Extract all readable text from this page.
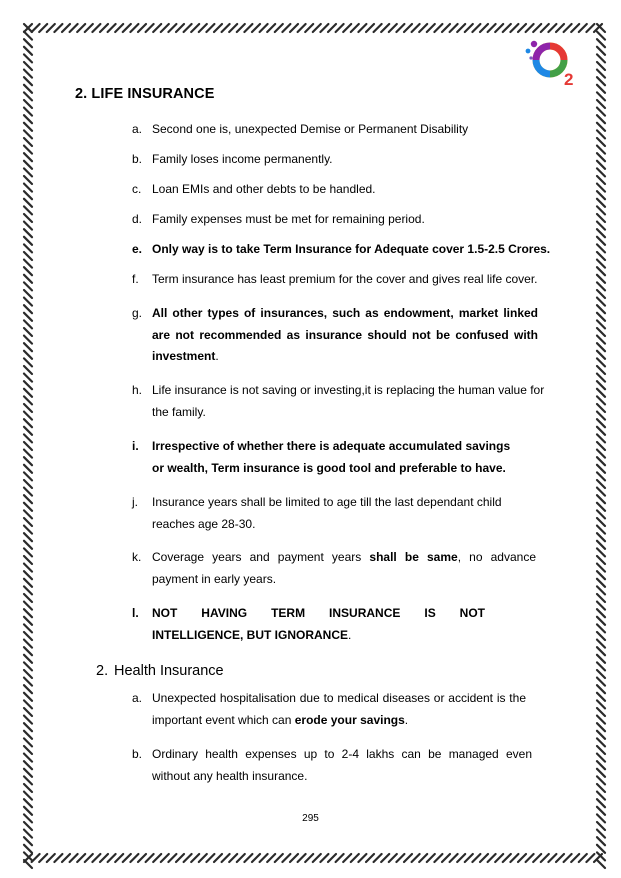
2
2. LIFE INSURANCE
a. Second one is, unexpected Demise or Permanent Disability
b. Family loses income permanently.
c. Loan EMIs and other debts to be handled.
d. Family expenses must be met for remaining period.
e. Only way is to take Term Insurance for Adequate cover 1.5-2.5 Crores.
f.	Term insurance has least premium for the cover and gives real life cover.
g. All other types of insurances, such as endowment, market linked are not recommended as insurance should not be confused with investment.
h. Life insurance is not saving or investing,it is replacing the human value for the family.
i.	Irrespective of whether there is adequate accumulated savings
or wealth, Term insurance is good tool and preferable to have.
j.	Insurance years shall be limited to age till the last dependant child reaches age 28-30.
k. Coverage years and payment years shall be same, no advance payment in early years.
l.	NOT HAVING TERM INSURANCE IS NOT
INTELLIGENCE, BUT IGNORANCE.
2. Health Insurance
a. Unexpected hospitalisation due to medical diseases or accident is the important event which can erode your savings.
b. Ordinary health expenses up to 2-4 lakhs can be managed even without any health insurance.
295
